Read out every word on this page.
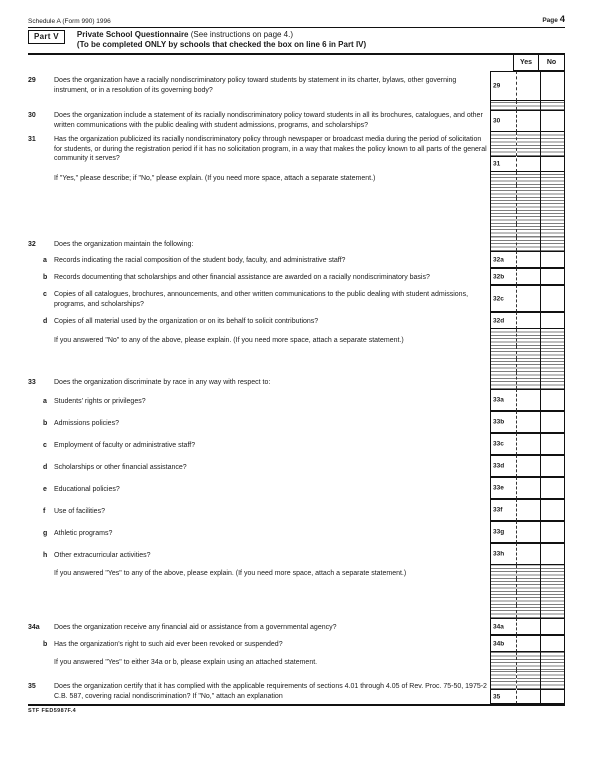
Schedule A (Form 990) 1996	Page 4
Part V	Private School Questionnaire (See instructions on page 4.)
(To be completed ONLY by schools that checked the box on line 6 in Part IV)
Yes	No
29	Does the organization have a racially nondiscriminatory policy toward students by statement in its charter, bylaws, other governing instrument, or in a resolution of its governing body?
29
30	Does the organization include a statement of its racially nondiscriminatory policy toward students in all its brochures, catalogues, and other written communications with the public dealing with student admissions, programs, and scholarships?
30
31	Has the organization publicized its racially nondiscriminatory policy through newspaper or broadcast media during the period of solicitation for students, or during the registration period if it has no solicitation program, in a way that makes the policy known to all parts of the general community it serves?
31
If "Yes," please describe; if "No," please explain. (If you need more space, attach a separate statement.)
32	Does the organization maintain the following:
a	Records indicating the racial composition of the student body, faculty, and administrative staff?	32a
b Records documenting that scholarships and other financial assistance are awarded on a racially nondiscriminatory basis?	32b
c	Copies of all catalogues, brochures, announcements, and other written communications to the public dealing with student admissions, programs, and scholarships?
32c
d Copies of all material used by the organization or on its behalf to solicit contributions?	32d
If you answered "No" to any of the above, please explain. (If you need more space, attach a separate statement.)
33	Does the organization discriminate by race in any way with respect to:
a	Students' rights or privileges?	33a
b Admissions policies?	33b
c	Employment of faculty or administrative staff?	33c
d Scholarships or other financial assistance?	33d
e	Educational policies?	33e
f	Use of facilities?	33f
g Athletic programs?	33g
h Other extracurricular activities?	33h
If you answered "Yes" to any of the above, please explain. (If you need more space, attach a separate statement.)
34a	Does the organization receive any financial aid or assistance from a governmental agency?	34a
b Has the organization's right to such aid ever been revoked or suspended?	34b
If you answered "Yes" to either 34a or b, please explain using an attached statement.
35	Does the organization certify that it has complied with the applicable requirements of sections 4.01 through 4.05 of Rev. Proc. 75-50, 1975-2 C.B. 587, covering racial nondiscrimination? If "No," attach an explanation	35
STF FED5987F.4
